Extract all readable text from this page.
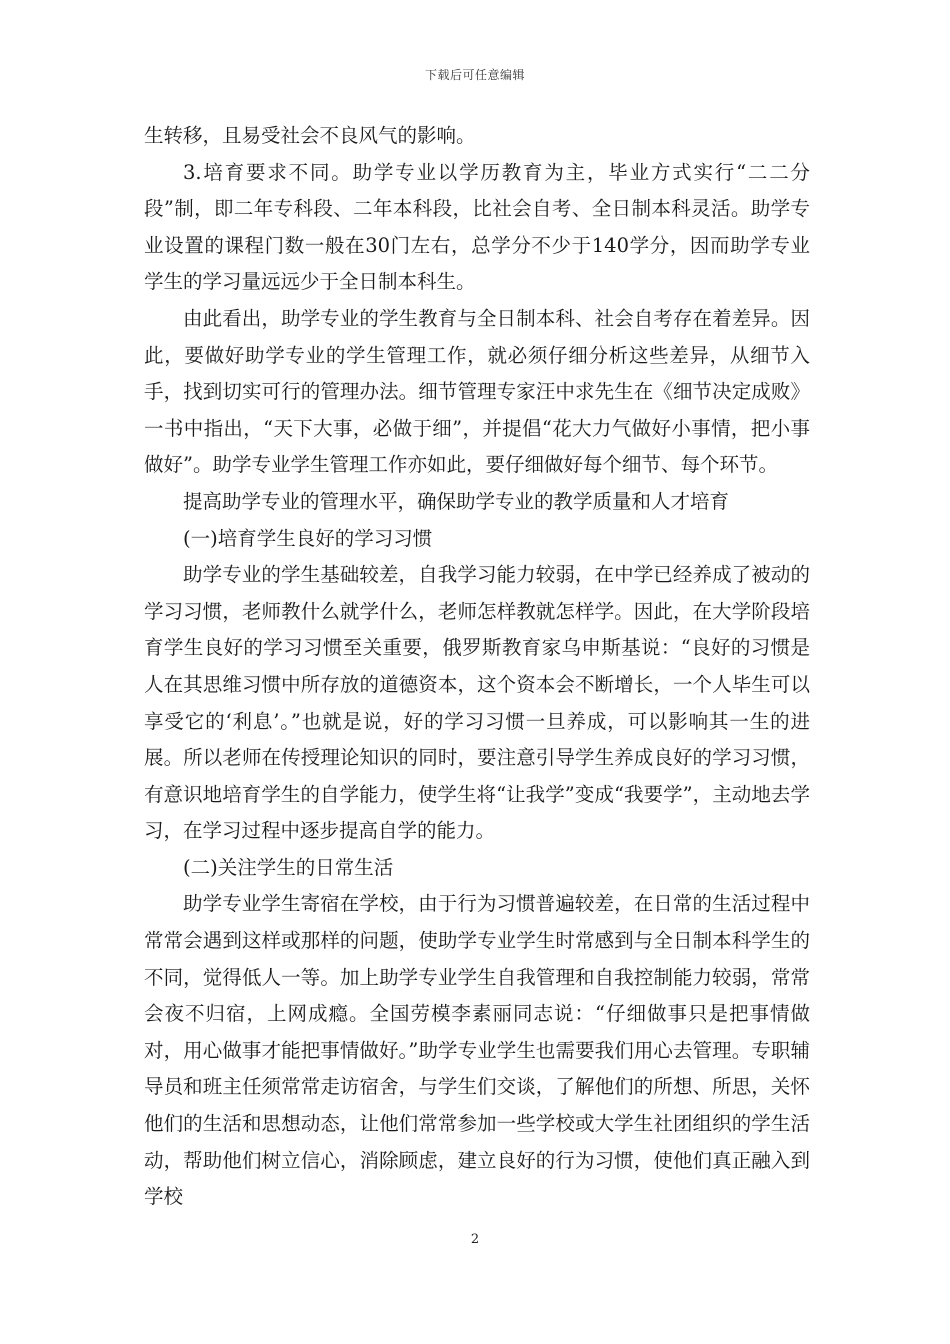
下载后可任意编辑

生转移，且易受社会不良风气的影响。

3.培育要求不同。助学专业以学历教育为主，毕业方式实行“二二分段”制，即二年专科段、二年本科段，比社会自考、全日制本科灵活。助学专业设置的课程门数一般在30门左右，总学分不少于140学分，因而助学专业学生的学习量远远少于全日制本科生。

由此看出，助学专业的学生教育与全日制本科、社会自考存在着差异。因此，要做好助学专业的学生管理工作，就必须仔细分析这些差异，从细节入手，找到切实可行的管理办法。细节管理专家汪中求先生在《细节决定成败》一书中指出，“天下大事，必做于细”，并提倡“花大力气做好小事情，把小事做好”。助学专业学生管理工作亦如此，要仔细做好每个细节、每个环节。

提高助学专业的管理水平，确保助学专业的教学质量和人才培育

(一)培育学生良好的学习习惯

助学专业的学生基础较差，自我学习能力较弱，在中学已经养成了被动的学习习惯，老师教什么就学什么，老师怎样教就怎样学。因此，在大学阶段培育学生良好的学习习惯至关重要，俄罗斯教育家乌申斯基说：“良好的习惯是人在其思维习惯中所存放的道德资本，这个资本会不断增长，一个人毕生可以享受它的‘利息’。”也就是说，好的学习习惯一旦养成，可以影响其一生的进展。所以老师在传授理论知识的同时，要注意引导学生养成良好的学习习惯，有意识地培育学生的自学能力，使学生将“让我学”变成“我要学”，主动地去学习，在学习过程中逐步提高自学的能力。

(二)关注学生的日常生活

助学专业学生寄宿在学校，由于行为习惯普遍较差，在日常的生活过程中常常会遇到这样或那样的问题，使助学专业学生时常感到与全日制本科学生的不同，觉得低人一等。加上助学专业学生自我管理和自我控制能力较弱，常常会夜不归宿，上网成瘾。全国劳模李素丽同志说：“仔细做事只是把事情做对，用心做事才能把事情做好。”助学专业学生也需要我们用心去管理。专职辅导员和班主任须常常走访宿舍，与学生们交谈，了解他们的所想、所思，关怀他们的生活和思想动态，让他们常常参加一些学校或大学生社团组织的学生活动，帮助他们树立信心，消除顾虑，建立良好的行为习惯，使他们真正融入到学校

2
